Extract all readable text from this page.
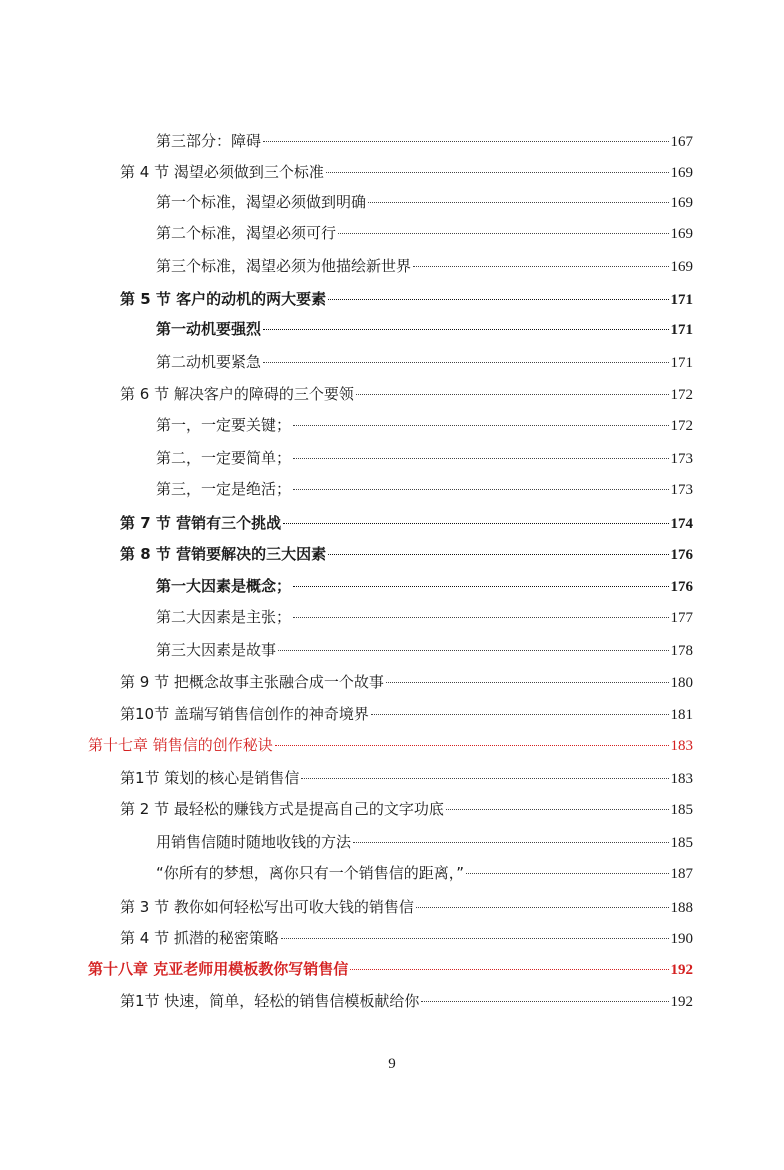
第三部分：障碍	167
第 4 节 渴望必须做到三个标准	169
第一个标准，渴望必须做到明确	169
第二个标准，渴望必须可行	169
第三个标准，渴望必须为他描绘新世界	169
第 5 节 客户的动机的两大要素	171
第一动机要强烈	171
第二动机要紧急	171
第 6 节 解决客户的障碍的三个要领	172
第一，一定要关键；	172
第二，一定要简单；	173
第三，一定是绝活；	173
第 7 节 营销有三个挑战	174
第 8 节 营销要解决的三大因素	176
第一大因素是概念；	176
第二大因素是主张；	177
第三大因素是故事	178
第 9 节 把概念故事主张融合成一个故事	180
第10节 盖瑞写销售信创作的神奇境界	181
第十七章 销售信的创作秘诀	183
第1节 策划的核心是销售信	183
第 2 节 最轻松的赚钱方式是提高自己的文字功底	185
用销售信随时随地收钱的方法	185
“你所有的梦想，离你只有一个销售信的距离，”	187
第 3 节 教你如何轻松写出可收大钱的销售信	188
第 4 节 抓潜的秘密策略	190
第十八章 克亚老师用模板教你写销售信	192
第1节 快速，简单，轻松的销售信模板献给你	192
9
